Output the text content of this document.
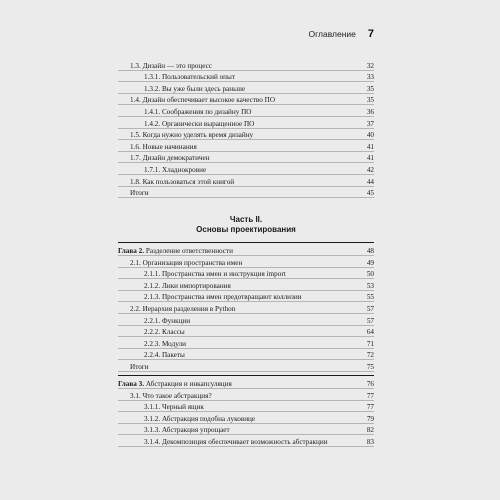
Оглавление 7
1.3. Дизайн — это процесс	32
1.3.1. Пользовательский опыт	33
1.3.2. Вы уже были здесь раньше	35
1.4. Дизайн обеспечивает высокое качество ПО	35
1.4.1. Соображения по дизайну ПО	36
1.4.2. Органически выращенное ПО	37
1.5. Когда нужно уделять время дизайну	40
1.6. Новые начинания	41
1.7. Дизайн демократичен	41
1.7.1. Хладнокровие	42
1.8. Как пользоваться этой книгой	44
Итоги	45
Часть II.
Основы проектирования
Глава 2. Разделение ответственности	48
2.1. Организация пространства имен	49
2.1.1. Пространства имен и инструкция import	50
2.1.2. Лики импортирования	53
2.1.3. Пространства имен предотвращают коллизии	55
2.2. Иерархия разделения в Python	57
2.2.1. Функции	57
2.2.2. Классы	64
2.2.3. Модули	71
2.2.4. Пакеты	72
Итоги	75
Глава 3. Абстракция и инкапсуляция	76
3.1. Что такое абстракция?	77
3.1.1. Черный ящик	77
3.1.2. Абстракция подобна луковице	79
3.1.3. Абстракция упрощает	82
3.1.4. Декомпозиция обеспечивает возможность абстракции	83
